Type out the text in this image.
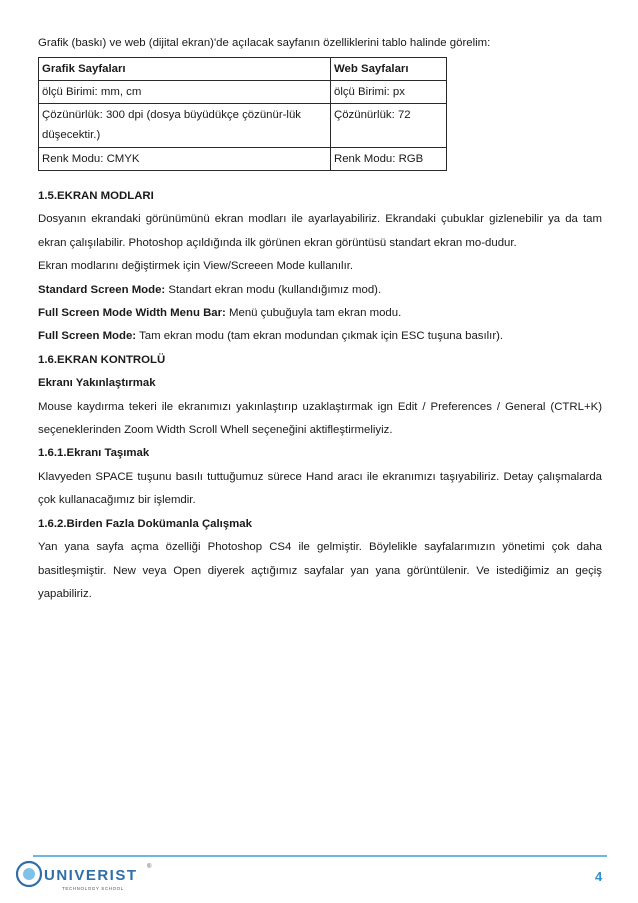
Grafik (baskı) ve web (dijital ekran)'de açılacak sayfanın özelliklerini tablo halinde görelim:

Grafik Sayfaları	Web Sayfaları
ölçü Birimi: mm, cm	ölçü Birimi: px
Çözünürlük: 300 dpi (dosya büyüdükçe çözünür-lük düşecektir.)	Çözünürlük: 72
Renk Modu: CMYK	Renk Modu: RGB

1.5.EKRAN MODLARI

Dosyanın ekrandaki görünümünü ekran modları ile ayarlayabiliriz. Ekrandaki çubuklar gizlenebilir ya da tam ekran çalışılabilir. Photoshop açıldığında ilk görünen ekran görüntüsü standart ekran mo-dudur.

Ekran modlarını değiştirmek için View/Screeen Mode kullanılır.

Standard Screen Mode: Standart ekran modu (kullandığımız mod).

Full Screen Mode Width Menu Bar: Menü çubuğuyla tam ekran modu.

Full Screen Mode: Tam ekran modu (tam ekran modundan çıkmak için ESC tuşuna basılır).

1.6.EKRAN KONTROLÜ

Ekranı Yakınlaştırmak

Mouse kaydırma tekeri ile ekranımızı yakınlaştırıp uzaklaştırmak ign Edit / Preferences / General (CTRL+K) seçeneklerinden Zoom Width Scroll Whell seçeneğini aktifleştirmeliyiz.

1.6.1.Ekranı Taşımak

Klavyeden SPACE tuşunu basılı tuttuğumuz sürece Hand aracı ile ekranımızı taşıyabiliriz. Detay çalışmalarda çok kullanacağımız bir işlemdir.

1.6.2.Birden Fazla Dokümanla Çalışmak

Yan yana sayfa açma özelliği Photoshop CS4 ile gelmiştir. Böylelikle sayfalarımızın yönetimi çok daha basitleşmiştir. New veya Open diyerek açtığımız sayfalar yan yana görüntülenir. Ve istediğimiz an geçiş yapabiliriz.

UNIVERIST
TECHNOLOGY SCHOOL
®
4
